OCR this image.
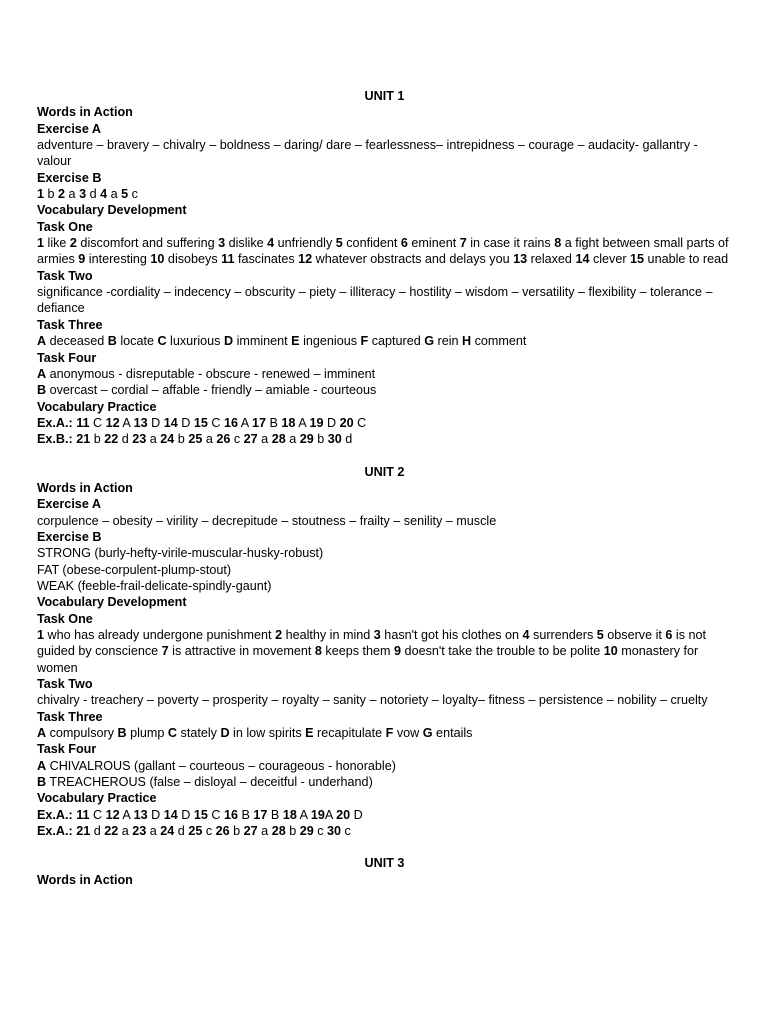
UNIT 1
Words in Action
Exercise A
adventure – bravery – chivalry – boldness – daring/ dare – fearlessness– intrepidness – courage – audacity- gallantry - valour
Exercise B
1 b 2 a 3 d 4 a 5 c
Vocabulary Development
Task One
1 like 2 discomfort and suffering 3 dislike 4 unfriendly 5 confident 6 eminent 7 in case it rains 8 a fight between small parts of armies 9 interesting 10 disobeys 11 fascinates 12 whatever obstracts and delays you 13 relaxed 14 clever 15 unable to read
Task Two
significance -cordiality – indecency – obscurity – piety – illiteracy – hostility – wisdom – versatility – flexibility – tolerance – defiance
Task Three
A deceased B locate C luxurious D imminent E ingenious F captured G rein H comment
Task Four
A anonymous - disreputable - obscure - renewed – imminent
B overcast – cordial – affable - friendly – amiable - courteous
Vocabulary Practice
Ex.A.: 11 C 12 A 13 D 14 D 15 C 16 A 17 B 18 A 19 D 20 C
Ex.B.: 21 b 22 d 23 a 24 b 25 a 26 c 27 a 28 a 29 b 30 d
UNIT 2
Words in Action
Exercise A
corpulence – obesity – virility – decrepitude – stoutness – frailty – senility – muscle
Exercise B
STRONG (burly-hefty-virile-muscular-husky-robust)
FAT (obese-corpulent-plump-stout)
WEAK (feeble-frail-delicate-spindly-gaunt)
Vocabulary Development
Task One
1 who has already undergone punishment 2 healthy in mind 3 hasn't got his clothes on 4 surrenders 5 observe it 6 is not guided by conscience 7 is attractive in movement 8 keeps them 9 doesn't take the trouble to be polite 10 monastery for women
Task Two
chivalry - treachery – poverty – prosperity – royalty – sanity – notoriety – loyalty– fitness – persistence – nobility – cruelty
Task Three
A compulsory B plump C stately D in low spirits E recapitulate F vow G entails
Task Four
A CHIVALROUS (gallant – courteous – courageous - honorable)
B TREACHEROUS (false – disloyal – deceitful - underhand)
Vocabulary Practice
Ex.A.: 11 C 12 A 13 D 14 D 15 C 16 B 17 B 18 A 19A 20 D
Ex.A.: 21 d 22 a 23 a 24 d 25 c 26 b 27 a 28 b 29 c 30 c
UNIT 3
Words in Action
